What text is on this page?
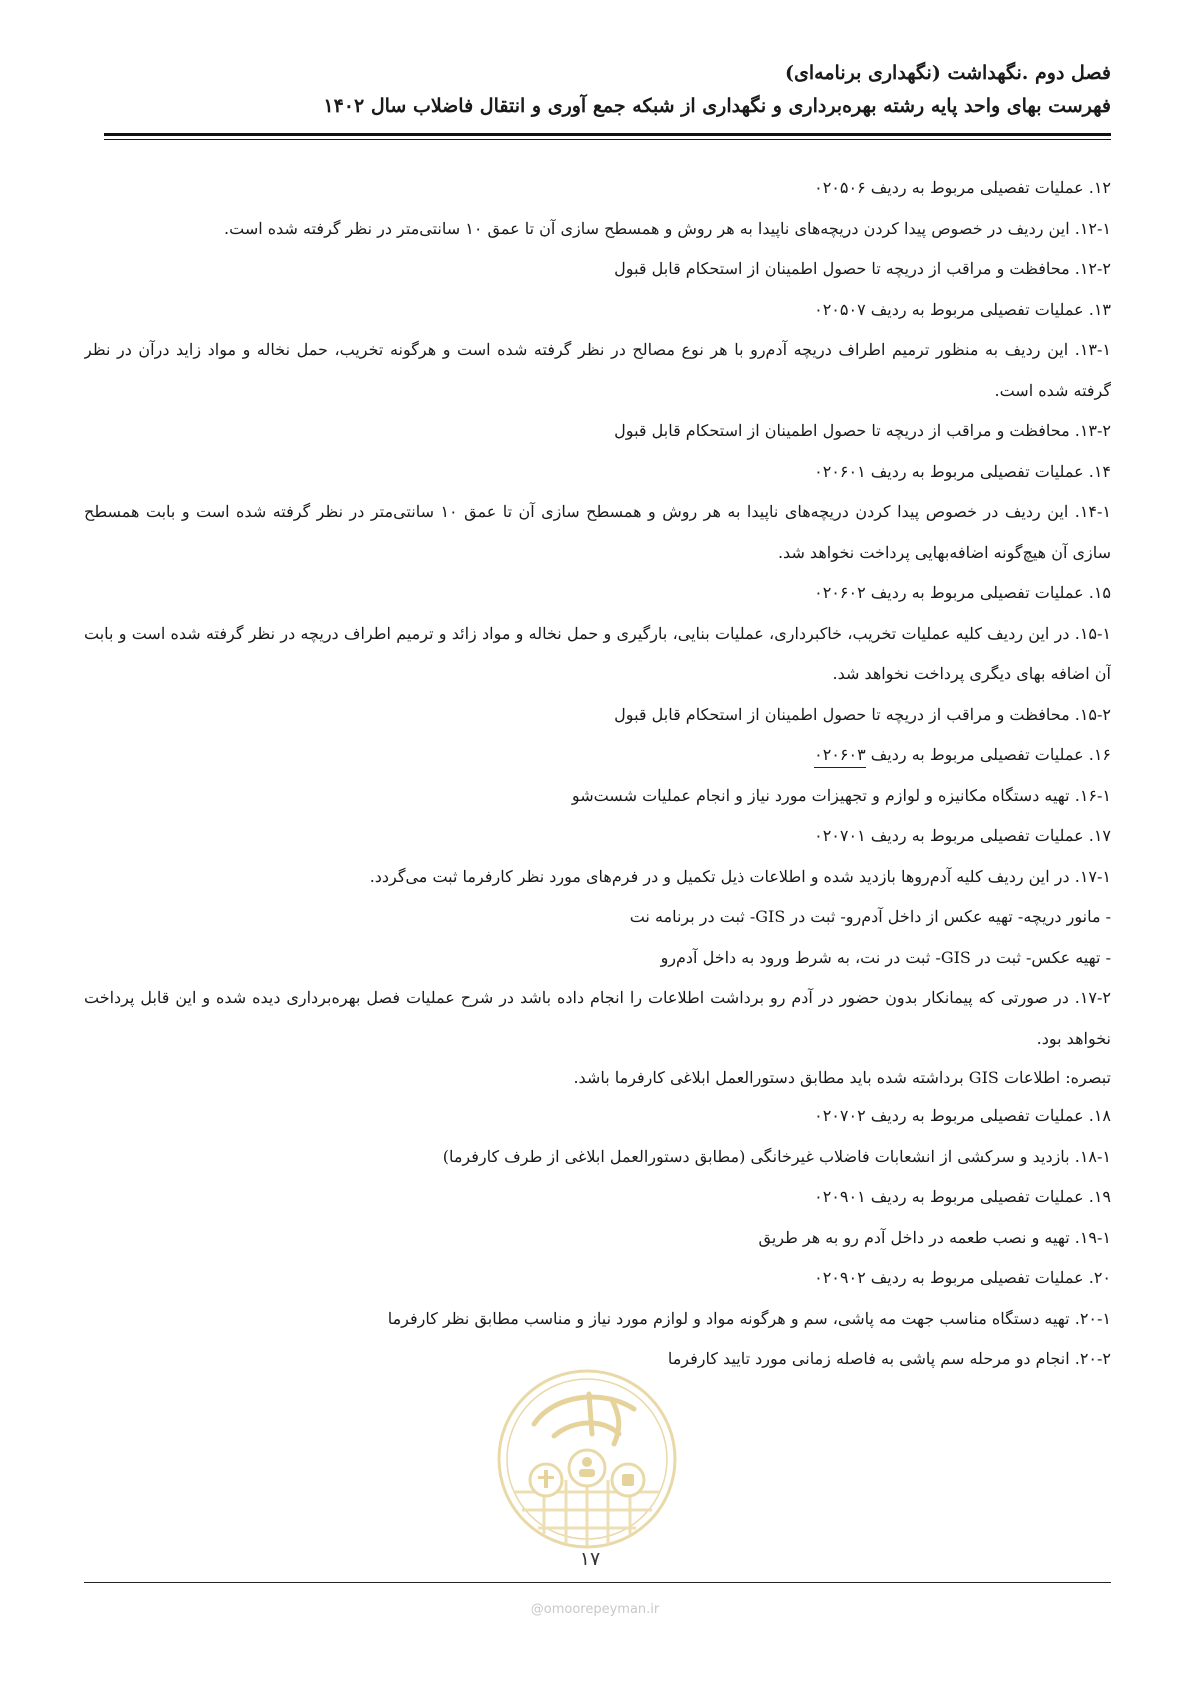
فصل دوم .نگهداشت (نگهداری برنامه‌ای)

فهرست بهای واحد پایه رشته بهره‌برداری و نگهداری از شبکه جمع آوری و انتقال فاضلاب سال ۱۴۰۲

۱۲. عملیات تفصیلی مربوط به ردیف ۰۲۰۵۰۶
۱۲-۱. این ردیف در خصوص پیدا کردن دریچه‌های ناپیدا به هر روش و همسطح سازی آن تا عمق ۱۰ سانتی‌متر در نظر گرفته شده است.
۱۲-۲. محافظت و مراقب از دریچه تا حصول اطمینان از استحکام قابل قبول
۱۳. عملیات تفصیلی مربوط به ردیف ۰۲۰۵۰۷
۱۳-۱. این ردیف به منظور ترمیم اطراف دریچه آدم‌رو با هر نوع مصالح در نظر گرفته شده است و هرگونه تخریب، حمل نخاله و مواد زاید درآن در نظر گرفته شده است.
۱۳-۲. محافظت و مراقب از دریچه تا حصول اطمینان از استحکام قابل قبول
۱۴. عملیات تفصیلی مربوط به ردیف ۰۲۰۶۰۱
۱۴-۱. این ردیف در خصوص پیدا کردن دریچه‌های ناپیدا به هر روش و همسطح سازی آن تا عمق ۱۰ سانتی‌متر در نظر گرفته شده است و بابت همسطح سازی آن هیچ‌گونه اضافه‌بهایی پرداخت نخواهد شد.
۱۵. عملیات تفصیلی مربوط به ردیف ۰۲۰۶۰۲
۱۵-۱. در این ردیف کلیه عملیات تخریب، خاکبرداری، عملیات بنایی، بارگیری و حمل نخاله و مواد زائد و ترمیم اطراف دریچه در نظر گرفته شده است و بابت آن اضافه بهای دیگری پرداخت نخواهد شد.
۱۵-۲. محافظت و مراقب از دریچه تا حصول اطمینان از استحکام قابل قبول
۱۶. عملیات تفصیلی مربوط به ردیف ۰۲۰۶۰۳
۱۶-۱. تهیه دستگاه مکانیزه و لوازم و تجهیزات مورد نیاز و انجام عملیات شست‌شو
۱۷. عملیات تفصیلی مربوط به ردیف ۰۲۰۷۰۱
۱۷-۱. در این ردیف کلیه آدم‌روها بازدید شده و اطلاعات ذیل تکمیل و در فرم‌های مورد نظر کارفرما ثبت می‌گردد.
- مانور دریچه- تهیه عکس از داخل آدم‌رو- ثبت در GIS- ثبت در برنامه نت
- تهیه عکس- ثبت در GIS- ثبت در نت، به شرط ورود به داخل آدم‌رو
۱۷-۲. در صورتی که پیمانکار بدون حضور در آدم رو برداشت اطلاعات را انجام داده باشد در شرح عملیات فصل بهره‌برداری دیده شده و این قابل پرداخت نخواهد بود.
تبصره: اطلاعات GIS برداشته شده باید مطابق دستورالعمل ابلاغی کارفرما باشد.
۱۸. عملیات تفصیلی مربوط به ردیف ۰۲۰۷۰۲
۱۸-۱. بازدید و سرکشی از انشعابات فاضلاب غیرخانگی (مطابق دستورالعمل ابلاغی از طرف کارفرما)
۱۹. عملیات تفصیلی مربوط به ردیف ۰۲۰۹۰۱
۱۹-۱. تهیه و نصب طعمه در داخل آدم رو به هر طریق
۲۰. عملیات تفصیلی مربوط به ردیف ۰۲۰۹۰۲
۲۰-۱. تهیه دستگاه مناسب جهت مه پاشی، سم و هرگونه مواد و لوازم مورد نیاز و مناسب مطابق نظر کارفرما
۲۰-۲. انجام دو مرحله سم پاشی به فاصله زمانی مورد تایید کارفرما
۱۷
@omoorepeyman.ir
